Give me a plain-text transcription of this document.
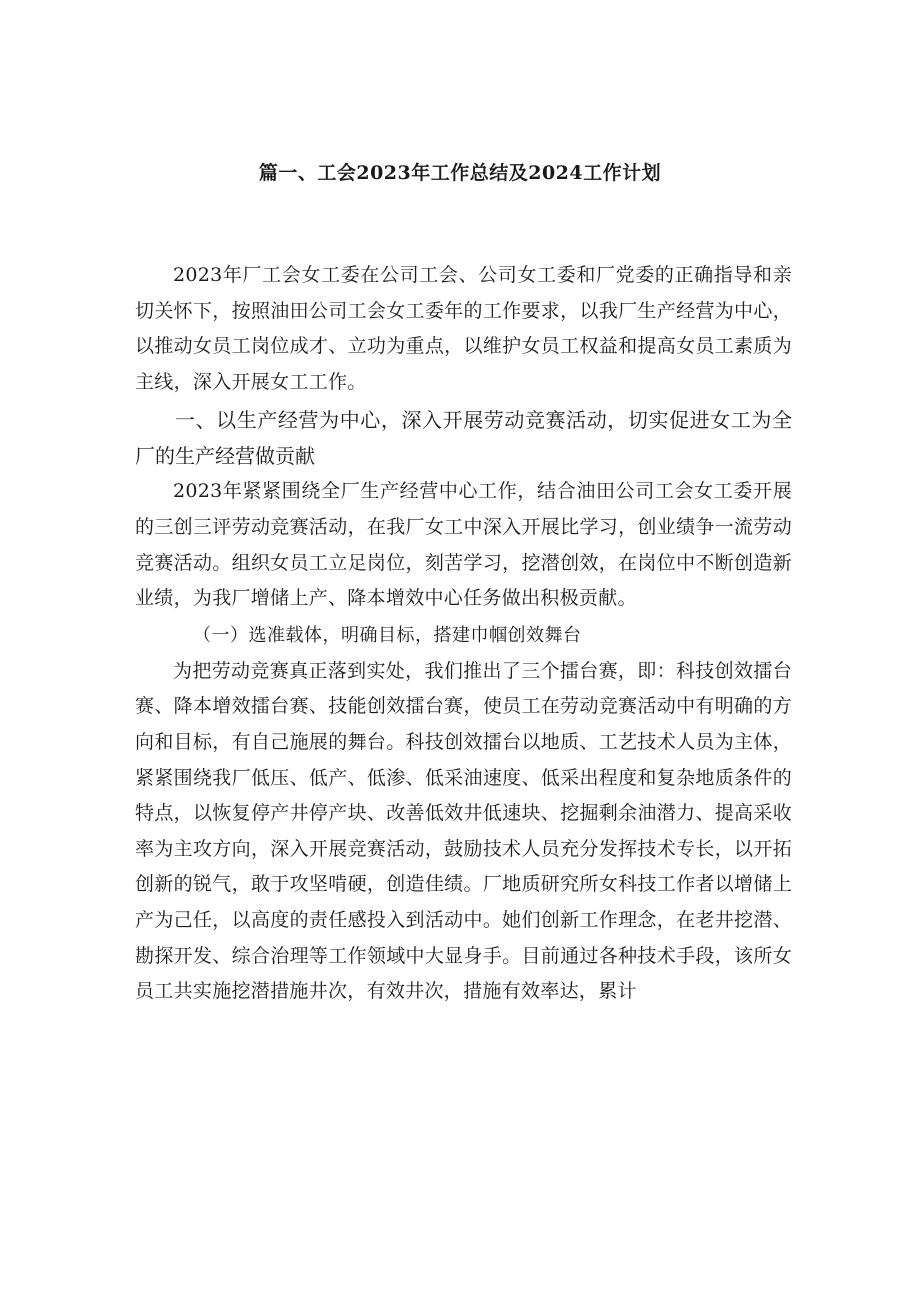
篇一、工会2023年工作总结及2024工作计划

2023年厂工会女工委在公司工会、公司女工委和厂党委的正确指导和亲切关怀下，按照油田公司工会女工委年的工作要求，以我厂生产经营为中心，以推动女员工岗位成才、立功为重点，以维护女员工权益和提高女员工素质为主线，深入开展女工工作。

一、以生产经营为中心，深入开展劳动竞赛活动，切实促进女工为全厂的生产经营做贡献

2023年紧紧围绕全厂生产经营中心工作，结合油田公司工会女工委开展的三创三评劳动竞赛活动，在我厂女工中深入开展比学习，创业绩争一流劳动竞赛活动。组织女员工立足岗位，刻苦学习，挖潜创效，在岗位中不断创造新业绩，为我厂增储上产、降本增效中心任务做出积极贡献。

（一）选准载体，明确目标，搭建巾帼创效舞台

为把劳动竞赛真正落到实处，我们推出了三个擂台赛，即：科技创效擂台赛、降本增效擂台赛、技能创效擂台赛，使员工在劳动竞赛活动中有明确的方向和目标，有自己施展的舞台。科技创效擂台以地质、工艺技术人员为主体，紧紧围绕我厂低压、低产、低渗、低采油速度、低采出程度和复杂地质条件的特点，以恢复停产井停产块、改善低效井低速块、挖掘剩余油潜力、提高采收率为主攻方向，深入开展竞赛活动，鼓励技术人员充分发挥技术专长，以开拓创新的锐气，敢于攻坚啃硬，创造佳绩。厂地质研究所女科技工作者以增储上产为己任，以高度的责任感投入到活动中。她们创新工作理念，在老井挖潜、勘探开发、综合治理等工作领域中大显身手。目前通过各种技术手段，该所女员工共实施挖潜措施井次，有效井次，措施有效率达，累计
